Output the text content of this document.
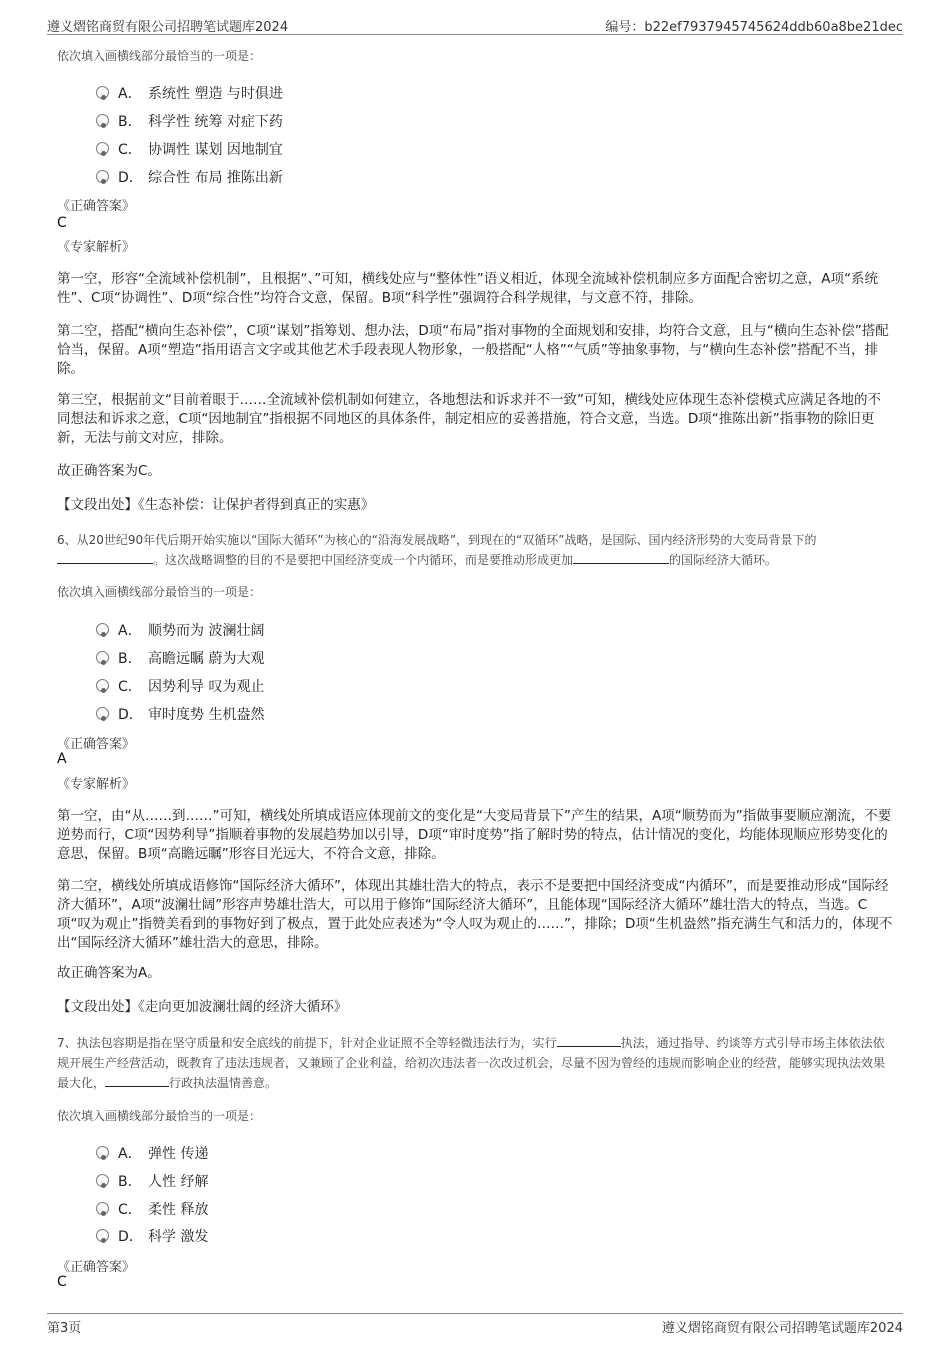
遵义熠铭商贸有限公司招聘笔试题库2024	编号：b22ef7937945745624ddb60a8be21dec
依次填入画横线部分最恰当的一项是：
A． 系统性 塑造 与时俱进
B． 科学性 统筹 对症下药
C． 协调性 谋划 因地制宜
D． 综合性 布局 推陈出新
《正确答案》
C
《专家解析》
第一空，形容“全流域补偿机制”，且根据“、”可知，横线处应与“整体性”语义相近，体现全流域补偿机制应多方面配合密切之意，A项“系统性”、C项“协调性”、D项“综合性”均符合文意，保留。B项“科学性”强调符合科学规律，与文意不符，排除。
第二空，搭配“横向生态补偿”，C项“谋划”指筹划、想办法，D项“布局”指对事物的全面规划和安排，均符合文意，且与“横向生态补偿”搭配恰当，保留。A项“塑造”指用语言文字或其他艺术手段表现人物形象，一般搭配“人格”“气质”等抽象事物，与“横向生态补偿”搭配不当，排除。
第三空，根据前文“目前着眼于……全流域补偿机制如何建立，各地想法和诉求并不一致”可知，横线处应体现生态补偿模式应满足各地的不同想法和诉求之意，C项“因地制宜”指根据不同地区的具体条件，制定相应的妥善措施，符合文意，当选。D项“推陈出新”指事物的除旧更新，无法与前文对应，排除。
故正确答案为C。
【文段出处】《生态补偿：让保护者得到真正的实惠》
6、从20世纪90年代后期开始实施以“国际大循环”为核心的“沿海发展战略”，到现在的“双循环”战略，是国际、国内经济形势的大变局背景下的。这次战略调整的目的不是要把中国经济变成一个内循环，而是要推动形成更加	的国际经济大循环。
依次填入画横线部分最恰当的一项是：
A． 顺势而为 波澜壮阔
B． 高瞻远瞩 蔚为大观
C． 因势利导 叹为观止
D． 审时度势 生机盎然
《正确答案》
A
《专家解析》
第一空，由“从……到……”可知，横线处所填成语应体现前文的变化是“大变局背景下”产生的结果，A项“顺势而为”指做事要顺应潮流，不要逆势而行，C项“因势利导”指顺着事物的发展趋势加以引导，D项“审时度势”指了解时势的特点，估计情况的变化，均能体现顺应形势变化的意思，保留。B项“高瞻远瞩”形容目光远大，不符合文意，排除。
第二空，横线处所填成语修饰“国际经济大循环”，体现出其雄壮浩大的特点，表示不是要把中国经济变成“内循环”，而是要推动形成“国际经济大循环”，A项“波澜壮阔”形容声势雄壮浩大，可以用于修饰“国际经济大循环”，且能体现“国际经济大循环”雄壮浩大的特点，当选。C项“叹为观止”指赞美看到的事物好到了极点，置于此处应表述为“令人叹为观止的……”，排除；D项“生机盎然”指充满生气和活力的，体现不出“国际经济大循环”雄壮浩大的意思，排除。
故正确答案为A。
【文段出处】《走向更加波澜壮阔的经济大循环》
7、执法包容期是指在坚守质量和安全底线的前提下，针对企业证照不全等轻微违法行为，实行	执法，通过指导、约谈等方式引导市场主体依法依规开展生产经营活动，既教育了违法违规者，又兼顾了企业利益，给初次违法者一次改过机会，尽量不因为曾经的违规而影响企业的经营，能够实现执法效果最大化，	行政执法温情善意。
依次填入画横线部分最恰当的一项是：
A． 弹性 传递
B． 人性 纾解
C． 柔性 释放
D． 科学 激发
《正确答案》
C
第3页	遵义熠铭商贸有限公司招聘笔试题库2024
